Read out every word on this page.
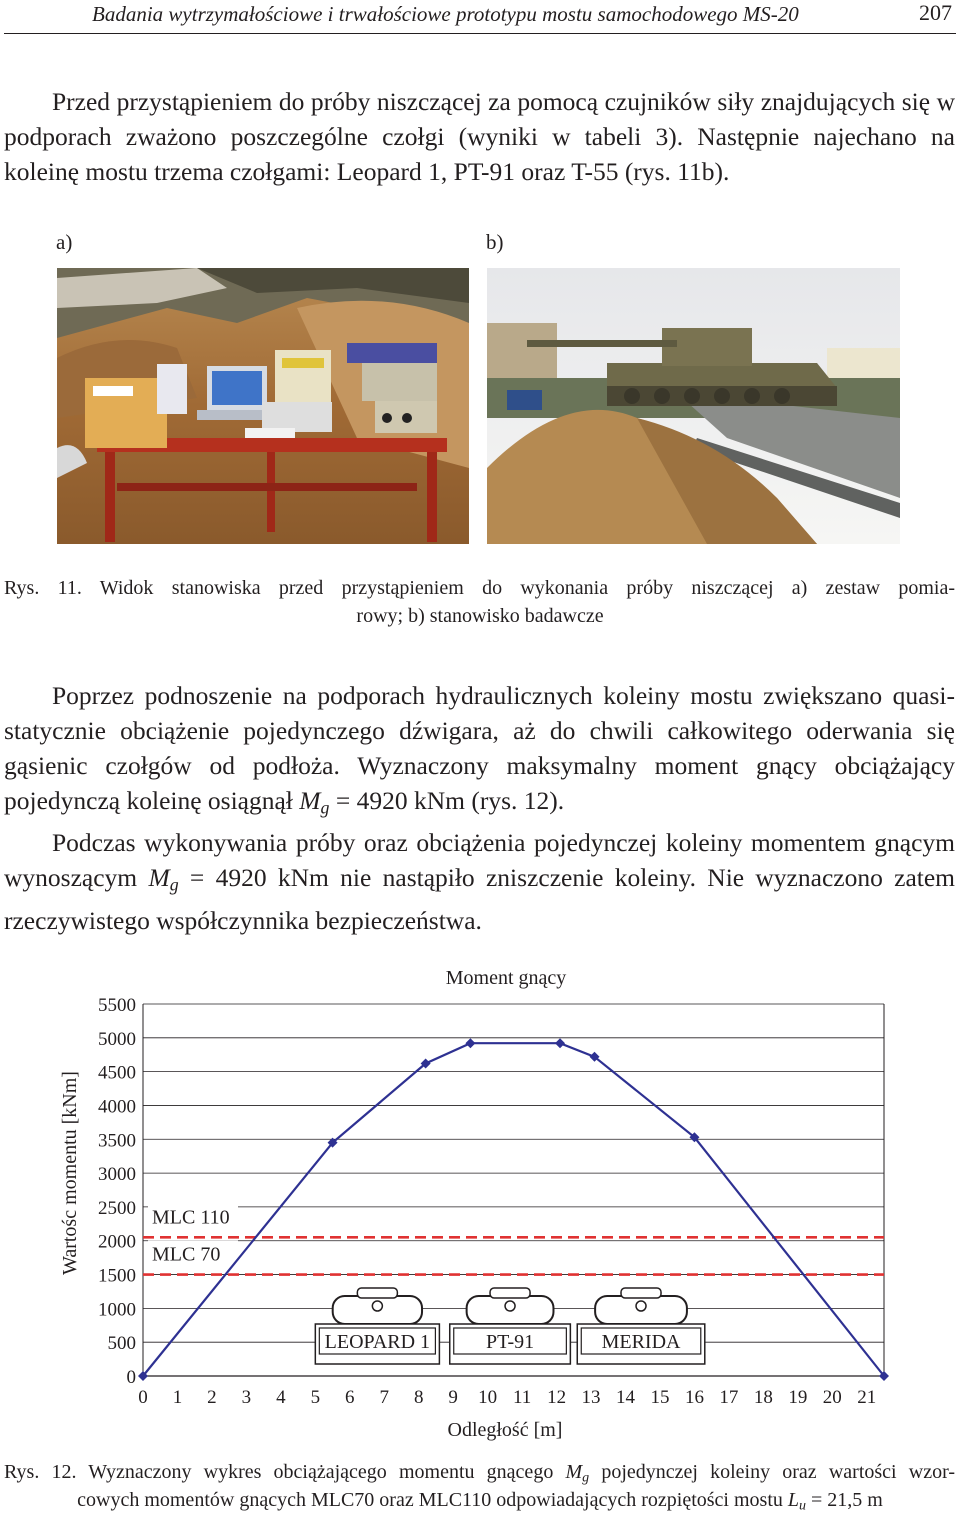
Badania wytrzymałościowe i trwałościowe prototypu mostu samochodowego MS-20	207

Przed przystąpieniem do próby niszczącej za pomocą czujników siły znajdujących się w podporach zważono poszczególne czołgi (wyniki w tabeli 3). Następnie najechano na koleinę mostu trzema czołgami: Leopard 1, PT-91 oraz T-55 (rys. 11b).

a)	b)
Rys. 11. Widok stanowiska przed przystąpieniem do wykonania próby niszczącej a) zestaw pomia-
rowy; b) stanowisko badawcze

Poprzez podnoszenie na podporach hydraulicznych koleiny mostu zwiększano quasi-statycznie obciążenie pojedynczego dźwigara, aż do chwili całkowitego oderwania się gąsienic czołgów od podłoża. Wyznaczony maksymalny moment gnący obciążający pojedynczą koleinę osiągnął $M_g = 4920$ kNm (rys. 12).

Podczas wykonywania próby oraz obciążenia pojedynczej koleiny momentem gnącym wynoszącym $M_g = 4920$ kNm nie nastąpiło zniszczenie koleiny. Nie wyznaczono zatem rzeczywistego współczynnika bezpieczeństwa.

Moment gnący
Wartośc momentu [kNm]
Odległość [m]
LEOPARD 1	PT-91	MERIDA
MLC 110
MLC 70
0
500
1000
1500
2000
2500
3000
3500
4000
4500
5000
5500
0 1 2 3 4 5 6 7 8 9 10 11 12 13 14 15 16 17 18 19 20 21
Rys. 12. Wyznaczony wykres obciążającego momentu gnącego $M_g$ pojedynczej koleiny oraz wartości wzor-
cowych momentów gnących MLC70 oraz MLC110 odpowiadających rozpiętości mostu $L_u = 21,5$ m
